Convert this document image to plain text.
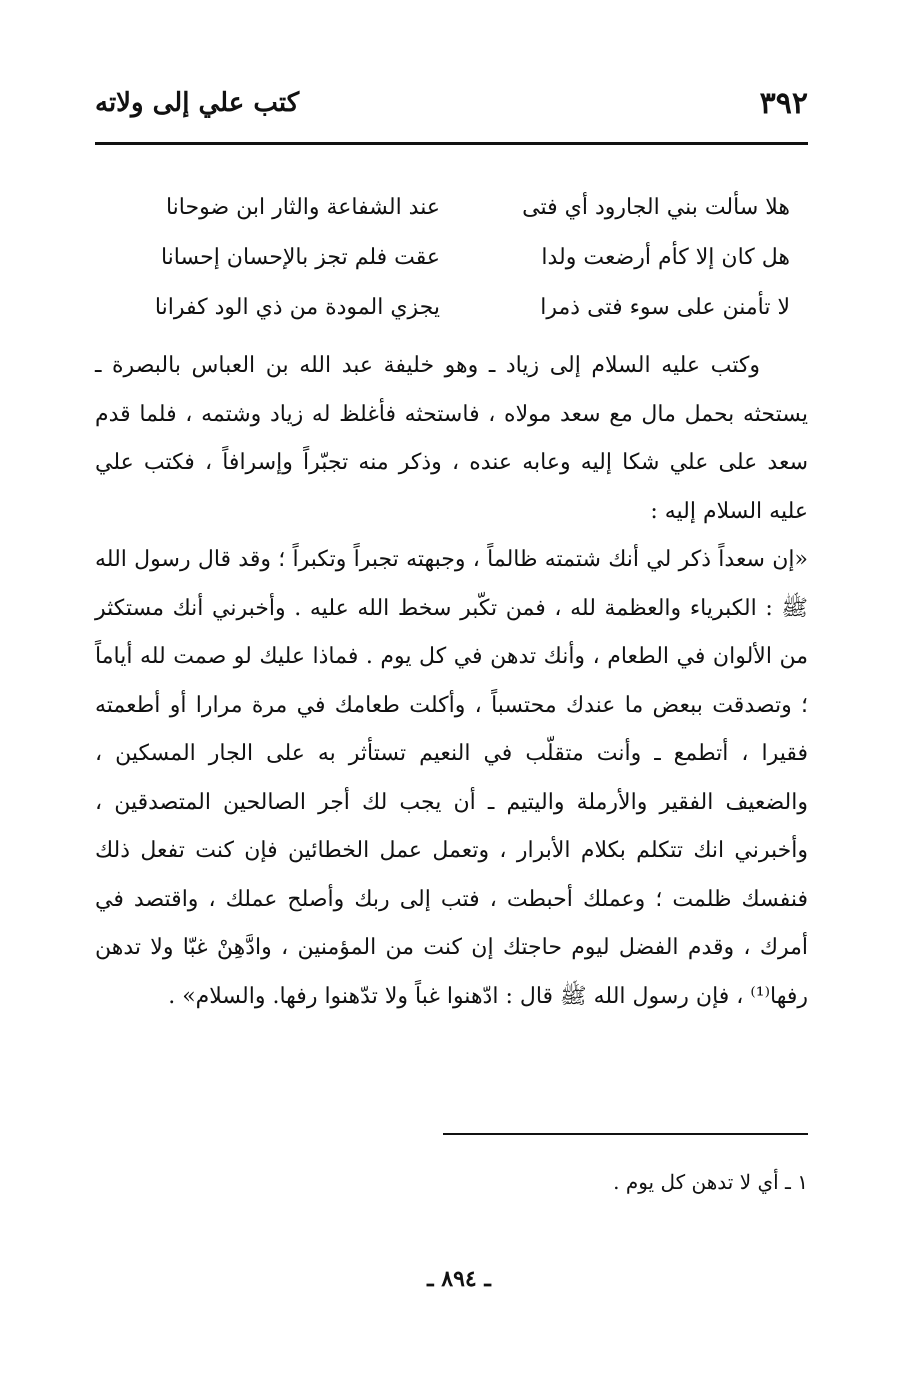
٣٩٢
كتب علي إلى ولاته
هلا سألت بني الجارود أي فتى
عند الشفاعة والثار ابن ضوحانا
هل كان إلا كأم أرضعت ولدا
عقت فلم تجز بالإحسان إحسانا
لا تأمنن على سوء فتى ذمرا
يجزي المودة من ذي الود كفرانا

وكتب عليه السلام إلى زياد ـ وهو خليفة عبد الله بن العباس بالبصرة ـ يستحثه بحمل مال مع سعد مولاه ، فاستحثه فأغلظ له زياد وشتمه ، فلما قدم سعد على علي شكا إليه وعابه عنده ، وذكر منه تجبّراً وإسرافاً ، فكتب علي عليه السلام إليه :

«إن سعداً ذكر لي أنك شتمته ظالماً ، وجبهته تجبراً وتكبراً ؛ وقد قال رسول الله ﷺ : الكبرياء والعظمة لله ، فمن تكّبر سخط الله عليه . وأخبرني أنك مستكثر من الألوان في الطعام ، وأنك تدهن في كل يوم . فماذا عليك لو صمت لله أياماً ؛ وتصدقت ببعض ما عندك محتسباً ، وأكلت طعامك في مرة مرارا أو أطعمته فقيرا ، أتطمع ـ وأنت متقلّب في النعيم تستأثر به على الجار المسكين ، والضعيف الفقير والأرملة واليتيم ـ أن يجب لك أجر الصالحين المتصدقين ، وأخبرني انك تتكلم بكلام الأبرار ، وتعمل عمل الخطائين فإن كنت تفعل ذلك فنفسك ظلمت ؛ وعملك أحبطت ، فتب إلى ربك وأصلح عملك ، واقتصد في أمرك ، وقدم الفضل ليوم حاجتك إن كنت من المؤمنين ، وادَّهِنْ غبّا ولا تدهن رفها⁽¹⁾ ، فإن رسول الله ﷺ قال : ادّهنوا غباً ولا تدّهنوا رفها. والسلام» .

١ ـ أي لا تدهن كل يوم .
ـ ٨٩٤ ـ
